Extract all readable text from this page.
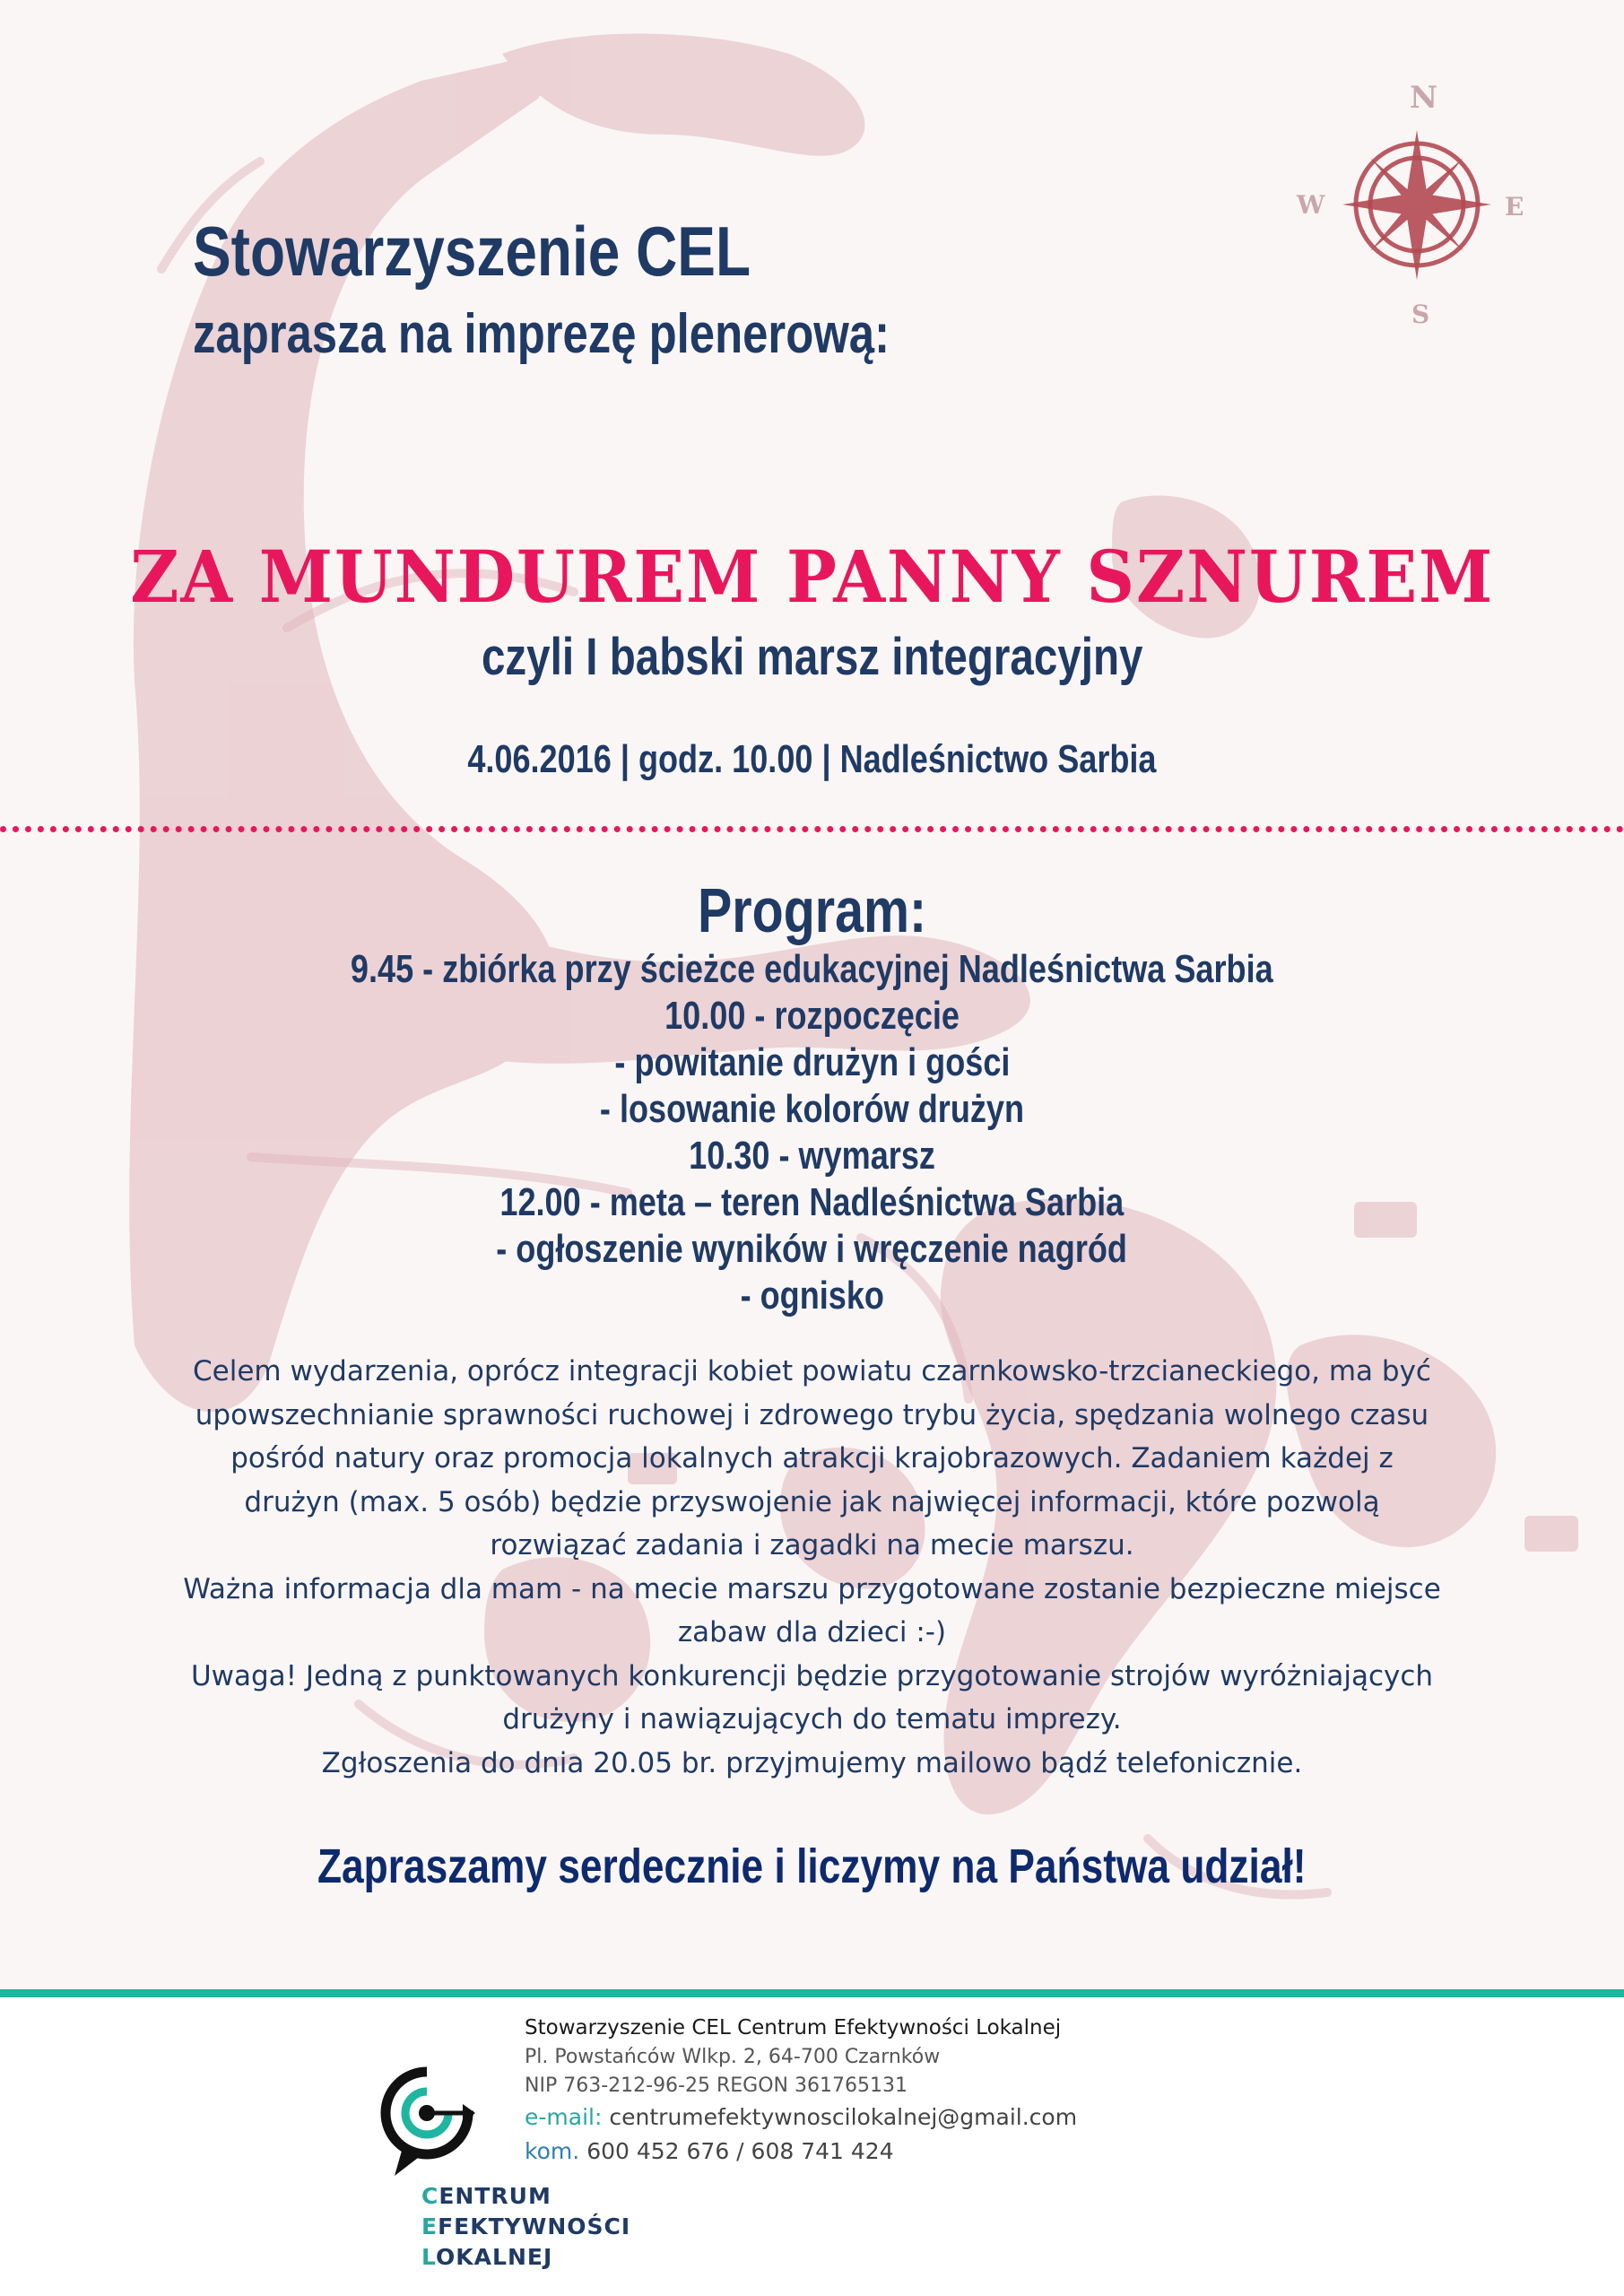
N
W	E
S
Stowarzyszenie CEL
zaprasza na imprezę plenerową:
ZA MUNDUREM PANNY SZNUREM
czyli I babski marsz integracyjny
4.06.2016 | godz. 10.00 | Nadleśnictwo Sarbia
Program:
9.45 - zbiórka przy ścieżce edukacyjnej Nadleśnictwa Sarbia
10.00 - rozpoczęcie
- powitanie drużyn i gości
- losowanie kolorów drużyn
10.30 - wymarsz
12.00 - meta – teren Nadleśnictwa Sarbia
- ogłoszenie wyników i wręczenie nagród
- ognisko

Celem wydarzenia, oprócz integracji kobiet powiatu czarnkowsko-trzcianeckiego, ma być upowszechnianie sprawności ruchowej i zdrowego trybu życia, spędzania wolnego czasu pośród natury oraz promocja lokalnych atrakcji krajobrazowych. Zadaniem każdej z drużyn (max. 5 osób) będzie przyswojenie jak najwięcej informacji, które pozwolą rozwiązać zadania i zagadki na mecie marszu.

Ważna informacja dla mam - na mecie marszu przygotowane zostanie bezpieczne miejsce zabaw dla dzieci :-)

Uwaga! Jedną z punktowanych konkurencji będzie przygotowanie strojów wyróżniających drużyny i nawiązujących do tematu imprezy.

Zgłoszenia do dnia 20.05 br. przyjmujemy mailowo bądź telefonicznie.

Zapraszamy serdecznie i liczymy na Państwa udział!
Stowarzyszenie CEL Centrum Efektywności Lokalnej
Pl. Powstańców Wlkp. 2, 64-700 Czarnków
NIP 763-212-96-25 REGON 361765131
e-mail: centrumefektywnoscilokalnej@gmail.com
kom. 600 452 676 / 608 741 424
CENTRUM
EFEKTYWNOŚCI
LOKALNEJ
